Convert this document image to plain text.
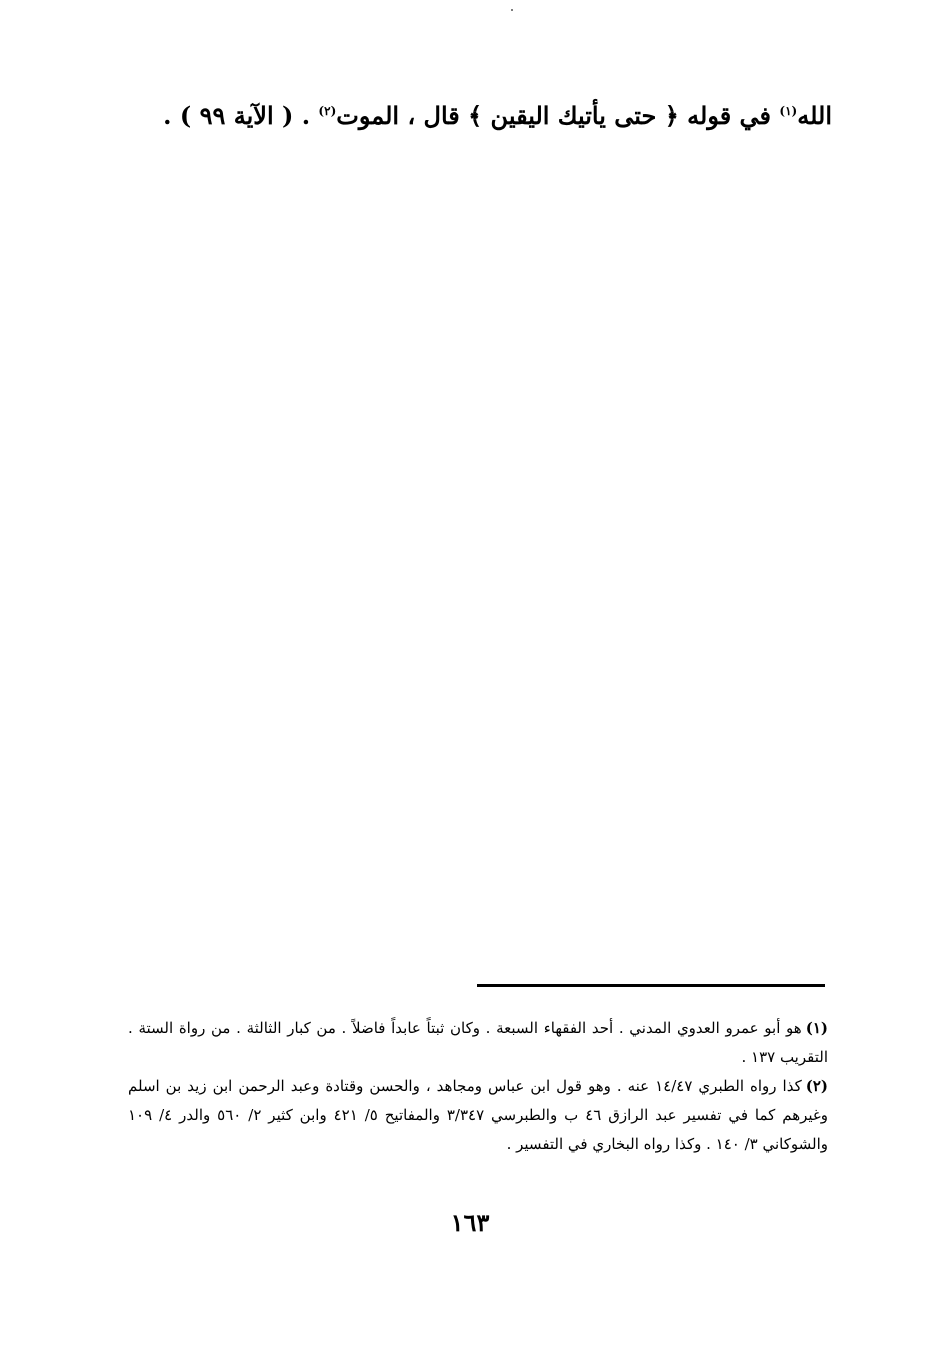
الله$^{(١)}$ في قوله ﴿ حتى يأتيك اليقين ﴾ قال ، الموت$^{(٢)}$ . ( الآية ٩٩ ) .

(١)هو أبو عمرو العدوي المدني . أحد الفقهاء السبعة . وكان ثبتاً عابداً فاضلاً . من كبار الثالثة . من رواة الستة . التقريب ١٣٧ .

(٢)كذا رواه الطبري ١٤/٤٧ عنه . وهو قول ابن عباس ومجاهد ، والحسن وقتادة وعبد الرحمن ابن زيد بن اسلم وغيرهم كما في تفسير عبد الرازق ٤٦ ب والطبرسي ٣/٣٤٧ والمفاتيح ٥/ ٤٢١ وابن كثير ٢/ ٥٦٠ والدر ٤/ ١٠٩ والشوكاني ٣/ ١٤٠ . وكذا رواه البخاري في التفسير .

١٦٣
